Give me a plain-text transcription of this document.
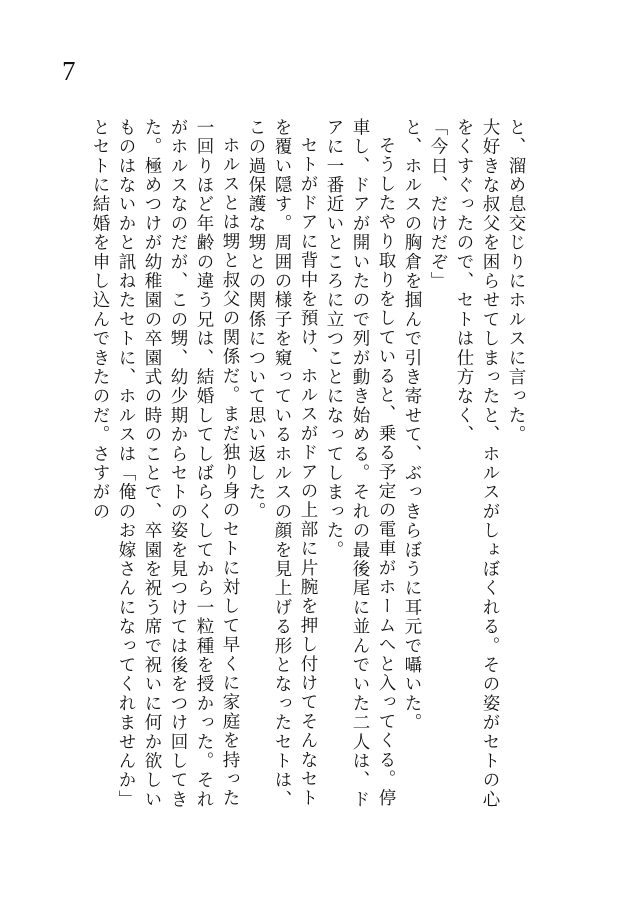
7

と、溜め息交じりにホルスに言った。

大好きな叔父を困らせてしまったと、ホルスがしょぼくれる。その姿がセトの心をくすぐったので、セトは仕方なく、

「今日、だけだぞ」

と、ホルスの胸倉を掴んで引き寄せて、ぶっきらぼうに耳元で囁いた。

そうしたやり取りをしていると、乗る予定の電車がホームへと入ってくる。停車し、ドアが開いたので列が動き始める。それの最後尾に並んでいた二人は、ドアに一番近いところに立つことになってしまった。

セトがドアに背中を預け、ホルスがドアの上部に片腕を押し付けてそんなセトを覆い隠す。周囲の様子を窺っているホルスの顔を見上げる形となったセトは、この過保護な甥との関係について思い返した。

ホルスとは甥と叔父の関係だ。まだ独り身のセトに対して早くに家庭を持った一回りほど年齢の違う兄は、結婚してしばらくしてから一粒種を授かった。それがホルスなのだが、この甥、幼少期からセトの姿を見つけては後をつけ回してきた。極めつけが幼稚園の卒園式の時のことで、卒園を祝う席で祝いに何か欲しいものはないかと訊ねたセトに、ホルスは「俺のお嫁さんになってくれませんか」とセトに結婚を申し込んできたのだ。さすがの
